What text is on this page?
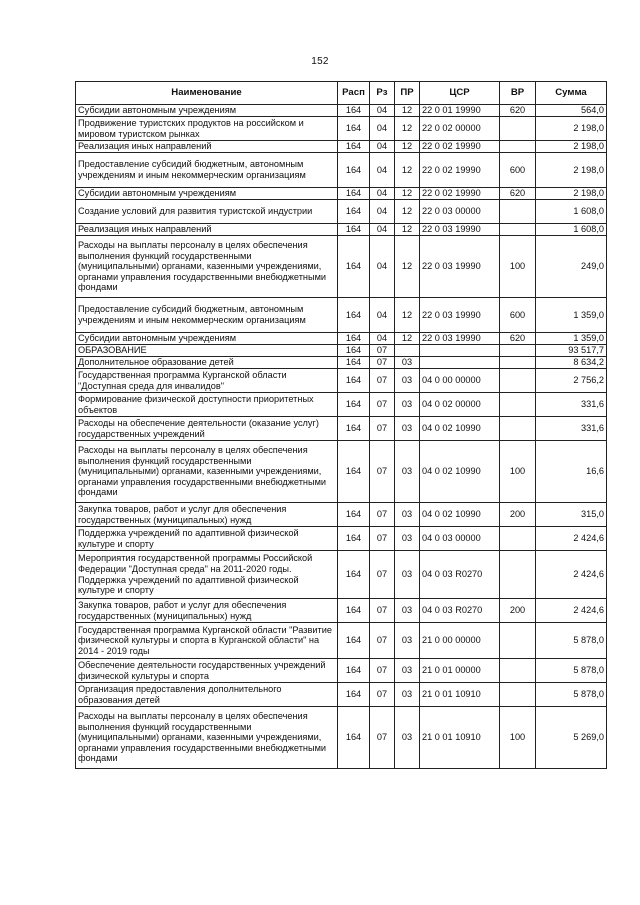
152
Наименование	Расп	Рз	ПР	ЦСР	ВР	Сумма
Субсидии автономным учреждениям	164	04	12	22 0 01 19990	620	564,0
Продвижение туристских продуктов на российском и мировом туристском рынках	164	04	12	22 0 02 00000		2 198,0
Реализация иных направлений	164	04	12	22 0 02 19990		2 198,0
Предоставление субсидий бюджетным, автономным учреждениям и иным некоммерческим организациям	164	04	12	22 0 02 19990	600	2 198,0
Субсидии автономным учреждениям	164	04	12	22 0 02 19990	620	2 198,0
Создание условий для развития туристской индустрии	164	04	12	22 0 03 00000		1 608,0
Реализация иных направлений	164	04	12	22 0 03 19990		1 608,0
Расходы на выплаты персоналу в целях обеспечения выполнения функций государственными (муниципальными) органами, казенными учреждениями, органами управления государственными внебюджетными фондами	164	04	12	22 0 03 19990	100	249,0
Предоставление субсидий бюджетным, автономным учреждениям и иным некоммерческим организациям	164	04	12	22 0 03 19990	600	1 359,0
Субсидии автономным учреждениям	164	04	12	22 0 03 19990	620	1 359,0
ОБРАЗОВАНИЕ	164	07				93 517,7
Дополнительное образование детей	164	07	03			8 634,2
Государственная программа Курганской области "Доступная среда для инвалидов"	164	07	03	04 0 00 00000		2 756,2
Формирование физической доступности приоритетных объектов	164	07	03	04 0 02 00000		331,6
Расходы на обеспечение деятельности (оказание услуг) государственных учреждений	164	07	03	04 0 02 10990		331,6
Расходы на выплаты персоналу в целях обеспечения выполнения функций государственными (муниципальными) органами, казенными учреждениями, органами управления государственными внебюджетными фондами	164	07	03	04 0 02 10990	100	16,6
Закупка товаров, работ и услуг для обеспечения государственных (муниципальных) нужд	164	07	03	04 0 02 10990	200	315,0
Поддержка учреждений по адаптивной физической культуре и спорту	164	07	03	04 0 03 00000		2 424,6
Мероприятия государственной программы Российской Федерации "Доступная среда" на 2011-2020 годы. Поддержка учреждений по адаптивной физической культуре и спорту	164	07	03	04 0 03 R0270		2 424,6
Закупка товаров, работ и услуг для обеспечения государственных (муниципальных) нужд	164	07	03	04 0 03 R0270	200	2 424,6
Государственная программа Курганской области "Развитие физической культуры и спорта в Курганской области" на 2014 - 2019 годы	164	07	03	21 0 00 00000		5 878,0
Обеспечение деятельности государственных учреждений физической культуры и спорта	164	07	03	21 0 01 00000		5 878,0
Организация предоставления дополнительного образования детей	164	07	03	21 0 01 10910		5 878,0
Расходы на выплаты персоналу в целях обеспечения выполнения функций государственными (муниципальными) органами, казенными учреждениями, органами управления государственными внебюджетными фондами	164	07	03	21 0 01 10910	100	5 269,0
